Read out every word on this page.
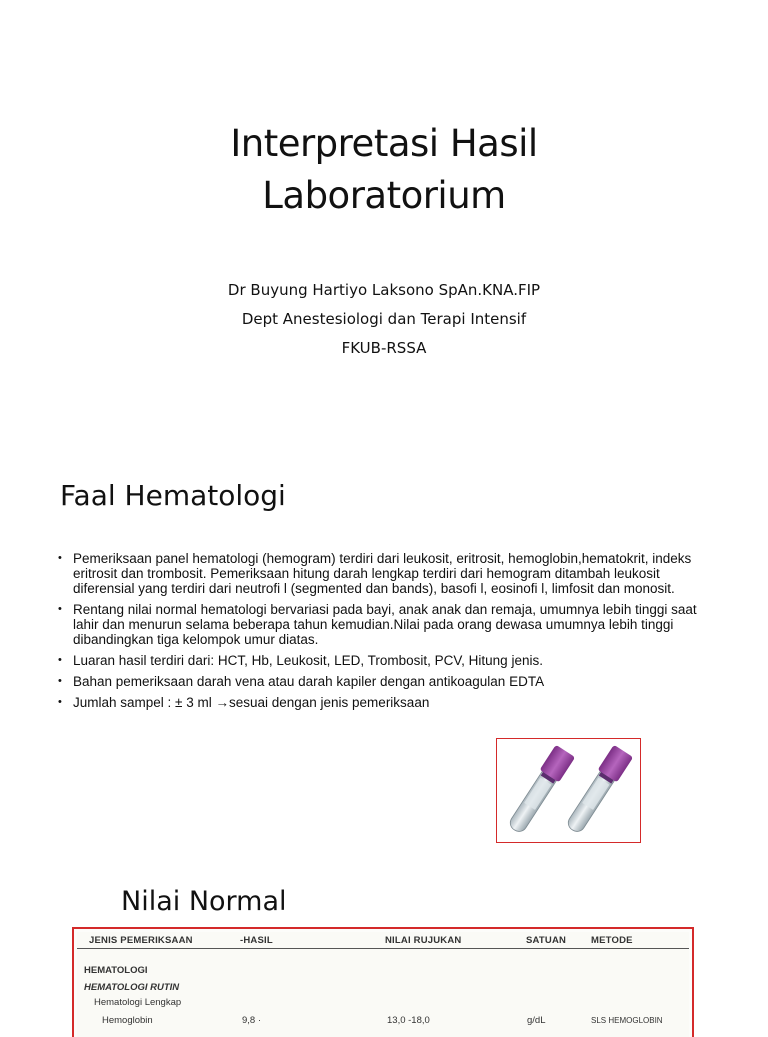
Interpretasi Hasil
Laboratorium
Dr Buyung Hartiyo Laksono SpAn.KNA.FIP
Dept Anestesiologi dan Terapi Intensif
FKUB-RSSA
Faal Hematologi
• Pemeriksaan panel hematologi (hemogram) terdiri dari leukosit, eritrosit, hemoglobin,hematokrit, indeks eritrosit dan trombosit. Pemeriksaan hitung darah lengkap terdiri dari hemogram ditambah leukosit diferensial yang terdiri dari neutrofi l (segmented dan bands), basofi l, eosinofi l, limfosit dan monosit.
• Rentang nilai normal hematologi bervariasi pada bayi, anak anak dan remaja, umumnya lebih tinggi saat lahir dan menurun selama beberapa tahun kemudian.Nilai pada orang dewasa umumnya lebih tinggi dibandingkan tiga kelompok umur diatas.
• Luaran hasil terdiri dari: HCT, Hb, Leukosit, LED, Trombosit, PCV, Hitung jenis.
• Bahan pemeriksaan darah vena atau darah kapiler dengan antikoagulan EDTA
• Jumlah sampel : ± 3 ml →sesuai dengan jenis pemeriksaan
Nilai Normal
JENIS PEMERIKSAAN	-HASIL	NILAI RUJUKAN	SATUAN	METODE
HEMATOLOGI
HEMATOLOGI RUTIN
Hematologi Lengkap
Hemoglobin	9,8 ·	13,0 -18,0	g/dL	SLS HEMOGLOBIN
